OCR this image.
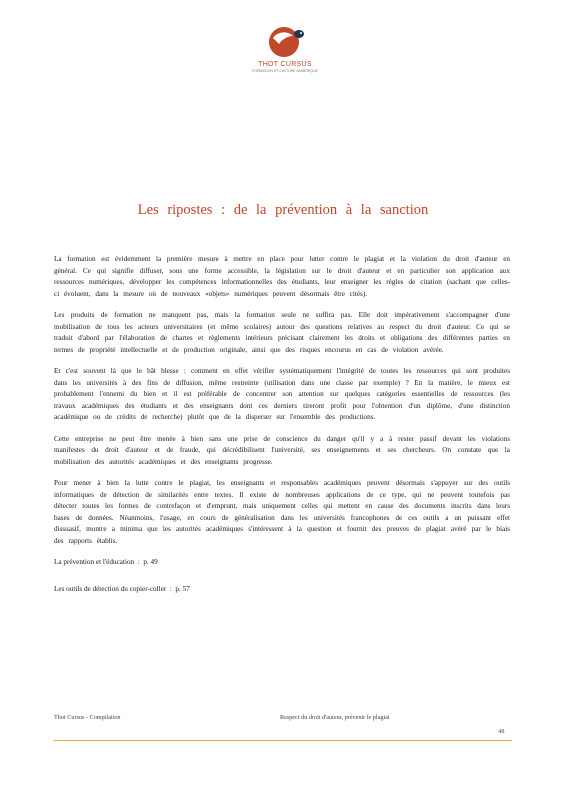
THOT CURSUS
FORMATION ET CULTURE NUMÉRIQUE
Les ripostes : de la prévention à la sanction

La formation est évidemment la première mesure à mettre en place pour lutter contre le plagiat et la violation du droit d'auteur en général. Ce qui signifie diffuser, sous une forme accessible, la législation sur le droit d'auteur et en particulier son application aux ressources numériques, développer les compétences informationnelles des étudiants, leur enseigner les règles de citation (sachant que celles-ci évoluent, dans la mesure où de nouveaux «objets» numériques peuvent désormais être cités).

Les produits de formation ne manquent pas, mais la formation seule ne suffira pas. Elle doit impérativement s'accompagner d'une mobilisation de tous les acteurs universitaires (et même scolaires) autour des questions relatives au respect du droit d'auteur. Ce qui se traduit d'abord par l'élaboration de chartes et règlements intérieurs précisant clairement les droits et obligations des différentes parties en termes de propriété intellectuelle et de production originale, ainsi que des risques encourus en cas de violation avérée.

Et c'est souvent là que le bât blesse : comment en effet vérifier systématiquement l'intégrité de toutes les ressources qui sont produites dans les universités à des fins de diffusion, même restreinte (utilisation dans une classe par exemple) ? En la matière, le mieux est probablement l'ennemi du bien et il est préférable de concentrer son attention sur quelques catégories essentielles de ressources (les travaux académiques des étudiants et des enseignants dont ces derniers tireront profit pour l'obtention d'un diplôme, d'une distinction académique ou de crédits de recherche) plutôt que de la disperser sur l'ensemble des productions.

Cette entreprise ne peut être menée à bien sans une prise de conscience du danger qu'il y a à rester passif devant les violations manifestes du droit d'auteur et de fraude, qui décrédibilisent l'université, ses enseignements et ses chercheurs. On constate que la mobilisation des autorités académiques et des enseignants progresse.

Pour mener à bien la lutte contre le plagiat, les enseignants et responsables académiques peuvent désormais s'appuyer sur des outils informatiques de détection de similarités entre textes. Il existe de nombreuses applications de ce type, qui ne peuvent toutefois pas détecter toutes les formes de contrefaçon et d'emprunt, mais uniquement celles qui mettent en cause des documents inscrits dans leurs bases de données. Néanmoins, l'usage, en cours de généralisation dans les universités francophones de ces outils a un puissant effet dissuasif, montre a minima que les autorités académiques s'intéressent à la question et fournit des preuves de plagiat avéré par le biais des rapports établis.

La prévention et l'éducation  :  p. 49

Les outils de détection du copier-coller  :  p. 57

Thot Cursus - Compilation	Respect du droit d'auteur, prévenir le plagiat
48
